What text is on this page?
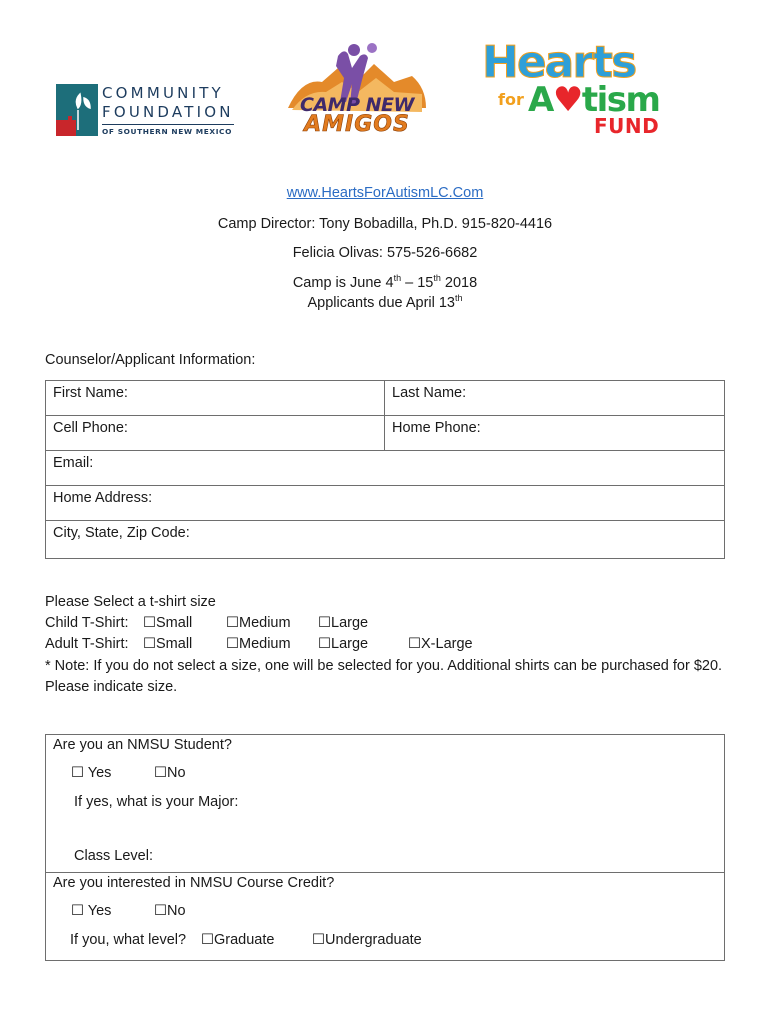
COMMUNITY
FOUNDATION
OF SOUTHERN NEW MEXICO
CAMP NEW
AMIGOS
Hearts
for A♥tism
FUND
www.HeartsForAutismLC.Com
Camp Director: Tony Bobadilla, Ph.D. 915-820-4416
Felicia Olivas: 575-526-6682
Camp is June 4th – 15th 2018
Applicants due April 13th
Counselor/Applicant Information:
First Name:	Last Name:
Cell Phone:	Home Phone:
Email:	
Home Address:	
City, State, Zip Code:	
Please Select a t-shirt size
Child T-Shirt: ☐Small ☐Medium ☐Large
Adult T-Shirt: ☐Small ☐Medium ☐Large	☐X-Large
* Note: If you do not select a size, one will be selected for you. Additional shirts can be purchased for $20. Please indicate size.
Are you an NMSU Student?
☐ Yes	☐No
If yes, what is your Major:
Class Level:
Are you interested in NMSU Course Credit?
☐ Yes	☐No
If you, what level? ☐Graduate	☐Undergraduate
